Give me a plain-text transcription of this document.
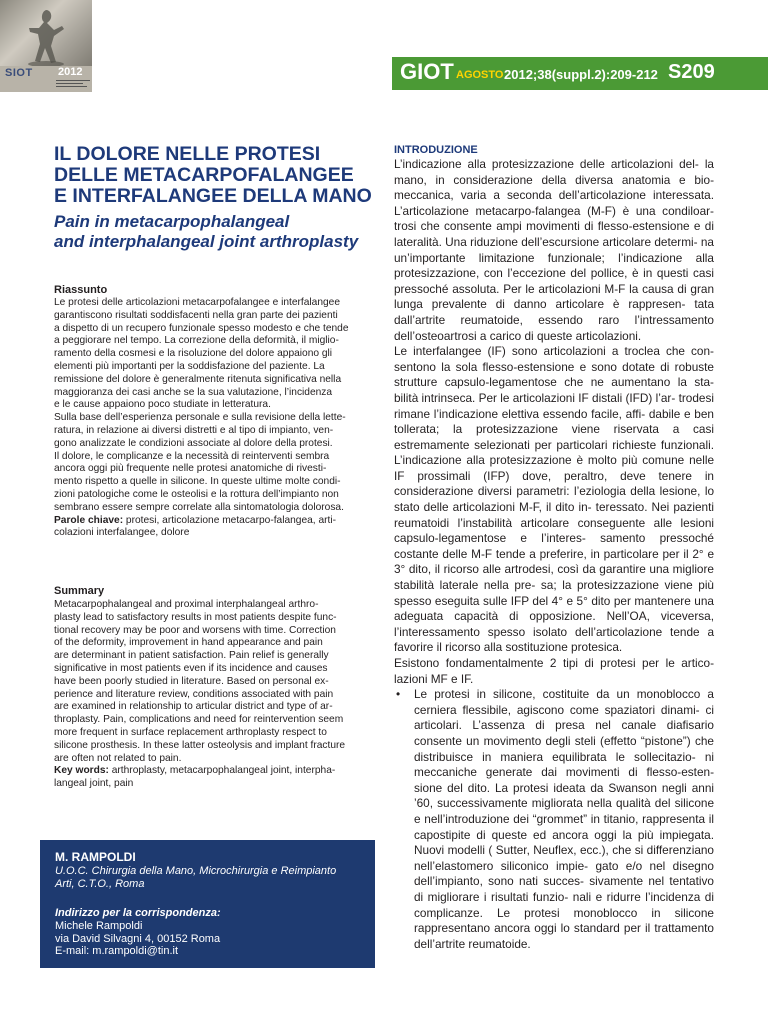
SIOT 2012	GIOT AGOSTO 2012;38(suppl.2):209-212 S209
IL DOLORE NELLE PROTESI
DELLE METACARPOFALANGEE
E INTERFALANGEE DELLA MANO
Pain in metacarpophalangeal
and interphalangeal joint arthroplasty
Riassunto
Le protesi delle articolazioni metacarpofalangee e interfalangee
garantiscono risultati soddisfacenti nella gran parte dei pazienti
a dispetto di un recupero funzionale spesso modesto e che tende
a peggiorare nel tempo. La correzione della deformità, il miglio-
ramento della cosmesi e la risoluzione del dolore appaiono gli
elementi più importanti per la soddisfazione del paziente. La
remissione del dolore è generalmente ritenuta significativa nella
maggioranza dei casi anche se la sua valutazione, l’incidenza
e le cause appaiono poco studiate in letteratura.
Sulla base dell’esperienza personale e sulla revisione della lette-
ratura, in relazione ai diversi distretti e al tipo di impianto, ven-
gono analizzate le condizioni associate al dolore della protesi.
Il dolore, le complicanze e la necessità di reinterventi sembra
ancora oggi più frequente nelle protesi anatomiche di rivesti-
mento rispetto a quelle in silicone. In queste ultime molte condi-
zioni patologiche come le osteolisi e la rottura dell’impianto non
sembrano essere sempre correlate alla sintomatologia dolorosa.
Parole chiave: protesi, articolazione metacarpo-falangea, arti-
colazioni interfalangee, dolore
Summary
Metacarpophalangeal and proximal interphalangeal arthro-
plasty lead to satisfactory results in most patients despite func-
tional recovery may be poor and worsens with time. Correction
of the deformity, improvement in hand appearance and pain
are determinant in patient satisfaction. Pain relief is generally
significative in most patients even if its incidence and causes
have been poorly studied in literature. Based on personal ex-
perience and literature review, conditions associated with pain
are examined in relationship to articular district and type of ar-
throplasty. Pain, complications and need for reintervention seem
more frequent in surface replacement arthroplasty respect to
silicone prosthesis. In these latter osteolysis and implant fracture
are often not related to pain.
Key words: arthroplasty, metacarpophalangeal joint, interpha-
langeal joint, pain
M. RAMPOLDI
U.O.C. Chirurgia della Mano, Microchirurgia e Reimpianto
Arti, C.T.O., Roma
Indirizzo per la corrispondenza:
Michele Rampoldi
via David Silvagni 4, 00152 Roma
E-mail: m.rampoldi@tin.it
INTRODUZIONE

L’indicazione alla protesizzazione delle articolazioni del- la mano, in considerazione della diversa anatomia e bio- meccanica, varia a seconda dell’articolazione interessata. L’articolazione metacarpo-falangea (M-F) è una condiloar- trosi che consente ampi movimenti di flesso-estensione e di lateralità. Una riduzione dell’escursione articolare determi- na un’importante limitazione funzionale; l’indicazione alla protesizzazione, con l’eccezione del pollice, è in questi casi pressoché assoluta. Per le articolazioni M-F la causa di gran lunga prevalente di danno articolare è rappresen- tata dall’artrite reumatoide, essendo raro l’intressamento dell’osteoartrosi a carico di queste articolazioni.

Le interfalangee (IF) sono articolazioni a troclea che con- sentono la sola flesso-estensione e sono dotate di robuste strutture capsulo-legamentose che ne aumentano la sta- bilità intrinseca. Per le articolazioni IF distali (IFD) l’ar- trodesi rimane l’indicazione elettiva essendo facile, affi- dabile e ben tollerata; la protesizzazione viene riservata a casi estremamente selezionati per particolari richieste funzionali. L’indicazione alla protesizzazione è molto più comune nelle IF prossimali (IFP) dove, peraltro, deve tenere in considerazione diversi parametri: l’eziologia della lesione, lo stato delle articolazioni M-F, il dito in- teressato. Nei pazienti reumatoidi l’instabilità articolare conseguente alle lesioni capsulo-legamentose e l’interes- samento pressoché costante delle M-F tende a preferire, in particolare per il 2° e 3° dito, il ricorso alle artrodesi, così da garantire una migliore stabilità laterale nella pre- sa; la protesizzazione viene più spesso eseguita sulle IFP del 4° e 5° dito per mantenere una adeguata capacità di opposizione. Nell’OA, viceversa, l’interessamento spesso isolato dell’articolazione tende a favorire il ricorso alla sostituzione protesica.

Esistono fondamentalmente 2 tipi di protesi per le artico- lazioni MF e IF.

• Le protesi in silicone, costituite da un monoblocco a cerniera flessibile, agiscono come spaziatori dinami- ci articolari. L’assenza di presa nel canale diafisario consente un movimento degli steli (effetto “pistone”) che distribuisce in maniera equilibrata le sollecitazio- ni meccaniche generate dai movimenti di flesso-esten- sione del dito. La protesi ideata da Swanson negli anni ’60, successivamente migliorata nella qualità del silicone e nell’introduzione dei “grommet” in titanio, rappresenta il capostipite di queste ed ancora oggi la più impiegata. Nuovi modelli ( Sutter, Neuflex, ecc.), che si differenziano nell’elastomero siliconico impie- gato e/o nel disegno dell’impianto, sono nati succes- sivamente nel tentativo di migliorare i risultati funzio- nali e ridurre l’incidenza di complicanze. Le protesi monoblocco in silicone rappresentano ancora oggi lo standard per il trattamento dell’artrite reumatoide.
